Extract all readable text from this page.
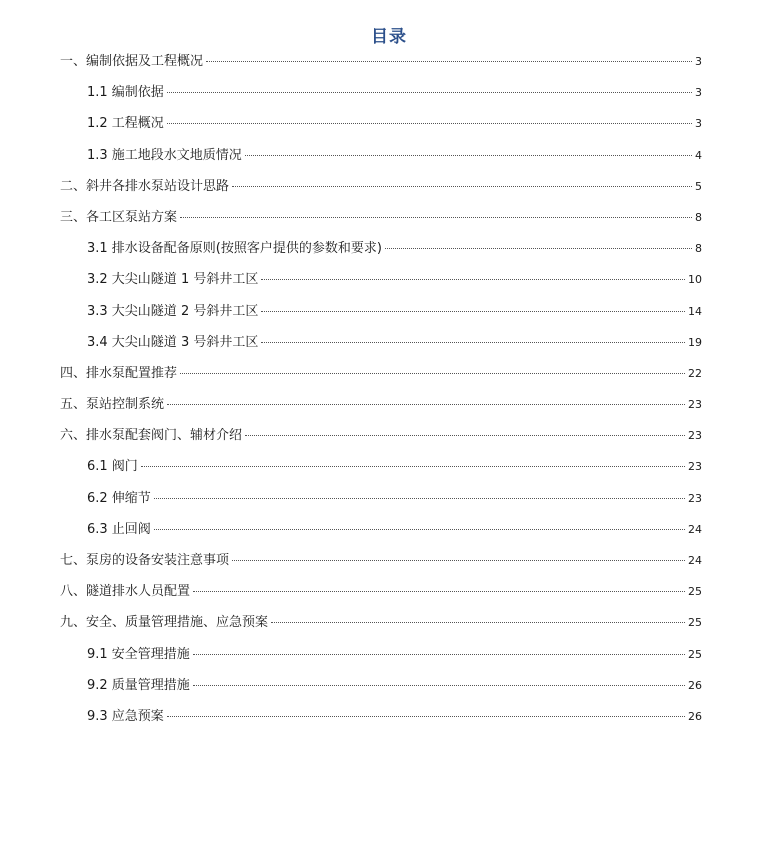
目录
一、编制依据及工程概况	3
1.1 编制依据	3
1.2 工程概况	3
1.3 施工地段水文地质情况	4
二、斜井各排水泵站设计思路	5
三、各工区泵站方案	8
3.1 排水设备配备原则(按照客户提供的参数和要求)	8
3.2 大尖山隧道 1 号斜井工区	10
3.3 大尖山隧道 2 号斜井工区	14
3.4 大尖山隧道 3 号斜井工区	19
四、排水泵配置推荐	22
五、泵站控制系统	23
六、排水泵配套阀门、辅材介绍	23
6.1 阀门	23
6.2 伸缩节	23
6.3 止回阀	24
七、泵房的设备安装注意事项	24
八、隧道排水人员配置	25
九、安全、质量管理措施、应急预案	25
9.1 安全管理措施	25
9.2 质量管理措施	26
9.3 应急预案	26
